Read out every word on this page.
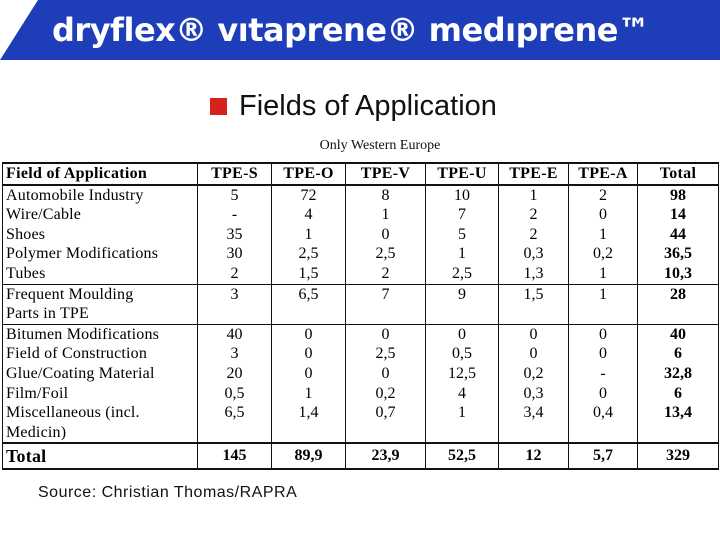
dryflex® vıtaprene® medıprene™
Fields of Application
Only Western Europe
Field of Application	TPE-S	TPE-O	TPE-V	TPE-U	TPE-E	TPE-A	Total
Automobile Industry	5	72	8	10	1	2	98
Wire/Cable	-	4	1	7	2	0	14
Shoes	35	1	0	5	2	1	44
Polymer Modifications	30	2,5	2,5	1	0,3	0,2	36,5
Tubes	2	1,5	2	2,5	1,3	1	10,3
Frequent Moulding	3	6,5	7	9	1,5	1	28
Parts in TPE							
Bitumen Modifications	40	0	0	0	0	0	40
Field of Construction	3	0	2,5	0,5	0	0	6
Glue/Coating Material	20	0	0	12,5	0,2	-	32,8
Film/Foil	0,5	1	0,2	4	0,3	0	6
Miscellaneous (incl.	6,5	1,4	0,7	1	3,4	0,4	13,4
Medicin)							
Total	145	89,9	23,9	52,5	12	5,7	329
Source: Christian Thomas/RAPRA
